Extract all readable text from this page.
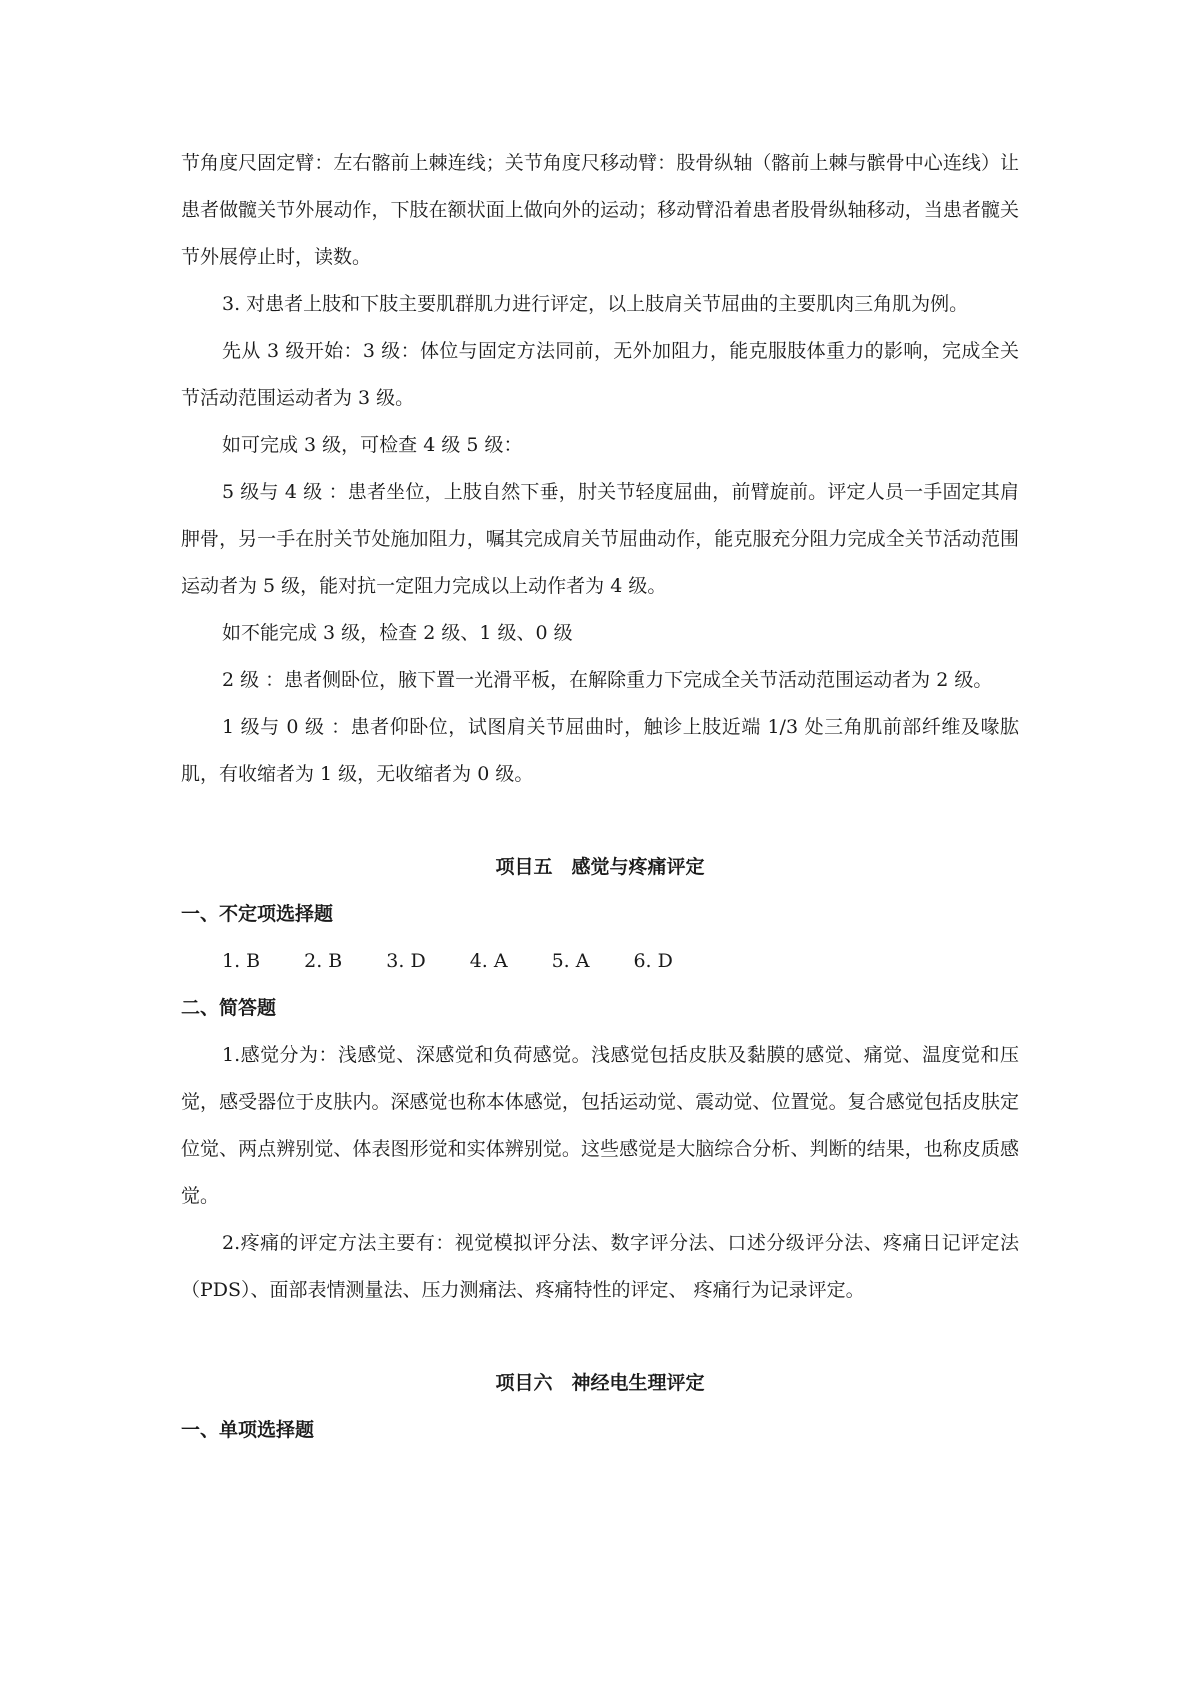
节角度尺固定臂：左右髂前上棘连线；关节角度尺移动臂：股骨纵轴（髂前上棘与髌骨中心连线）让患者做髋关节外展动作，下肢在额状面上做向外的运动；移动臂沿着患者股骨纵轴移动，当患者髋关节外展停止时，读数。

3. 对患者上肢和下肢主要肌群肌力进行评定，以上肢肩关节屈曲的主要肌肉三角肌为例。

先从 3 级开始：3 级：体位与固定方法同前，无外加阻力，能克服肢体重力的影响，完成全关节活动范围运动者为 3 级。

如可完成 3 级，可检查 4 级 5 级：

5 级与 4 级 ：患者坐位，上肢自然下垂，肘关节轻度屈曲，前臂旋前。评定人员一手固定其肩胛骨，另一手在肘关节处施加阻力，嘱其完成肩关节屈曲动作，能克服充分阻力完成全关节活动范围运动者为 5 级，能对抗一定阻力完成以上动作者为 4 级。

如不能完成 3 级，检查 2 级、1 级、0 级

2 级 ：患者侧卧位，腋下置一光滑平板，在解除重力下完成全关节活动范围运动者为 2 级。

1 级与 0 级 ：患者仰卧位，试图肩关节屈曲时，触诊上肢近端 1/3 处三角肌前部纤维及喙肱肌，有收缩者为 1 级，无收缩者为 0 级。

项目五　感觉与疼痛评定
一、不定项选择题
1. B 2. B 3. D 4. A 5. A 6. D
二、简答题

1.感觉分为：浅感觉、深感觉和负荷感觉。浅感觉包括皮肤及黏膜的感觉、痛觉、温度觉和压觉，感受器位于皮肤内。深感觉也称本体感觉，包括运动觉、震动觉、位置觉。复合感觉包括皮肤定位觉、两点辨别觉、体表图形觉和实体辨别觉。这些感觉是大脑综合分析、判断的结果，也称皮质感觉。

2.疼痛的评定方法主要有：视觉模拟评分法、数字评分法、口述分级评分法、疼痛日记评定法（PDS）、面部表情测量法、压力测痛法、疼痛特性的评定、 疼痛行为记录评定。

项目六　神经电生理评定
一、单项选择题
